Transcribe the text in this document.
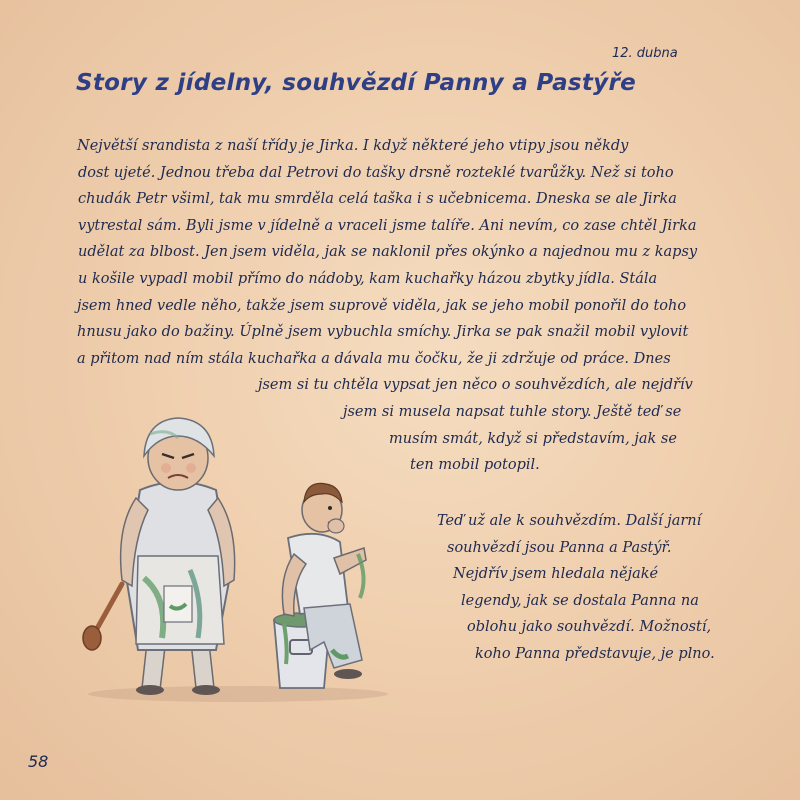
12. dubna
Story z jídelny, souhvězdí Panny a Pastýře
Největší srandista z naší třídy je Jirka. I když některé jeho vtipy jsou někdy
dost ujeté. Jednou třeba dal Petrovi do tašky drsně rozteklé tvarůžky. Než si toho
chudák Petr všiml, tak mu smrděla celá taška i s učebnicema. Dneska se ale Jirka
vytrestal sám. Byli jsme v jídelně a vraceli jsme talíře. Ani nevím, co zase chtěl Jirka
udělat za blbost. Jen jsem viděla, jak se naklonil přes okýnko a najednou mu z kapsy
u košile vypadl mobil přímo do nádoby, kam kuchařky házou zbytky jídla. Stála
jsem hned vedle něho, takže jsem suprově viděla, jak se jeho mobil ponořil do toho
hnusu jako do bažiny. Úplně jsem vybuchla smíchy. Jirka se pak snažil mobil vylovit
a přitom nad ním stála kuchařka a dávala mu čočku, že ji zdržuje od práce. Dnes
jsem si tu chtěla vypsat jen něco o souhvězdích, ale nejdřív
jsem si musela napsat tuhle story. Ještě teď se
musím smát, když si představím, jak se
ten mobil potopil.
Teď už ale k souhvězdím. Další jarní
souhvězdí jsou Panna a Pastýř.
Nejdřív jsem hledala nějaké
legendy, jak se dostala Panna na
oblohu jako souhvězdí. Možností,
koho Panna představuje, je plno.
58
